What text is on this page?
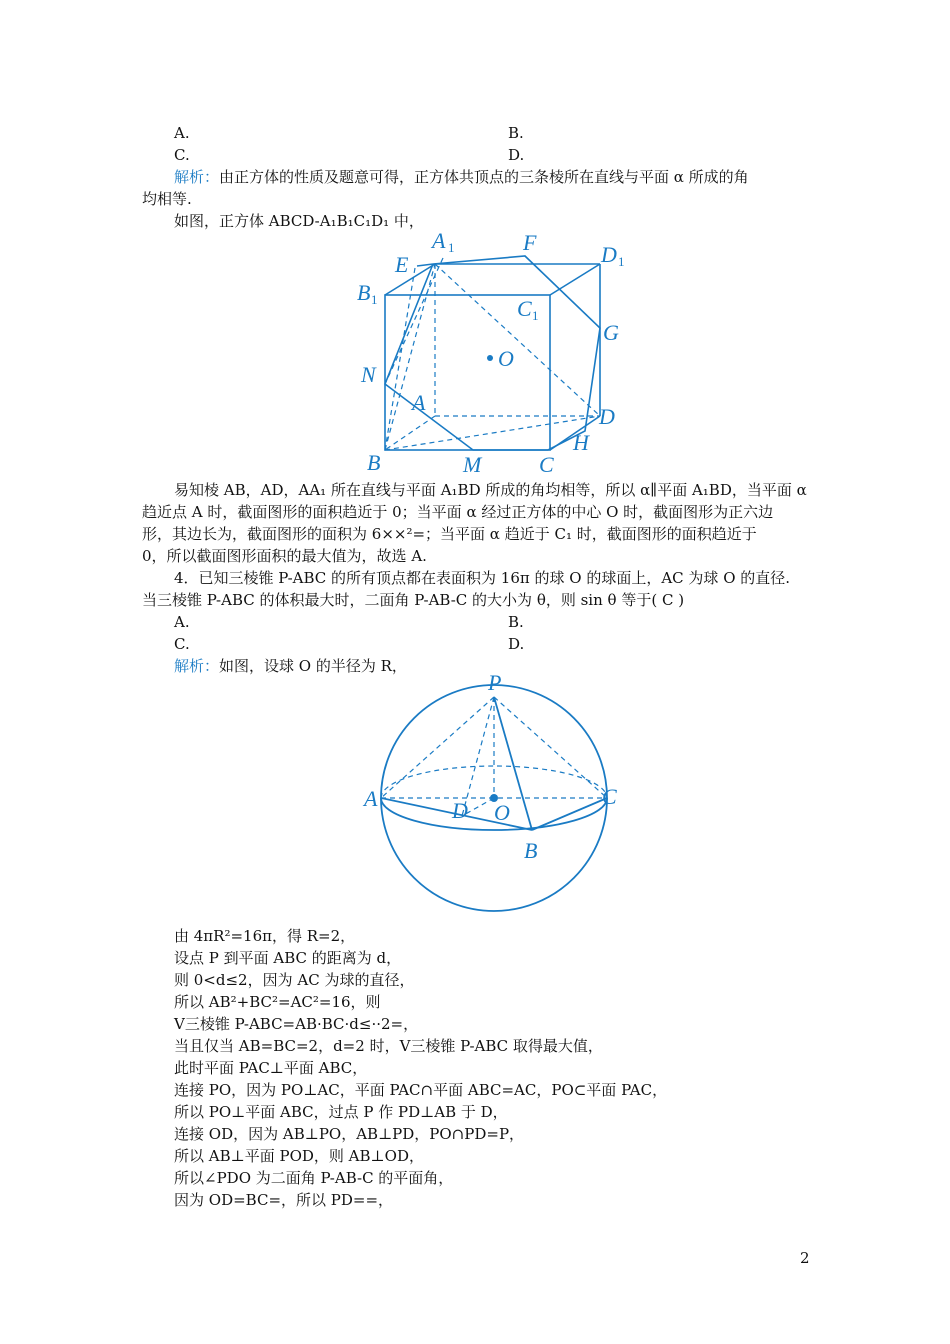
A.	B.
C.	D.
解析：由正方体的性质及题意可得，正方体共顶点的三条棱所在直线与平面 α 所成的角
均相等.
如图，正方体 ABCD-A₁B₁C₁D₁ 中，
A 1	F	D 1
E
B 1	C 1
G
O
N
A
D
H
B	M	C
易知棱 AB，AD，AA₁ 所在直线与平面 A₁BD 所成的角均相等，所以 α∥平面 A₁BD，当平面 α
趋近点 A 时，截面图形的面积趋近于 0；当平面 α 经过正方体的中心 O 时，截面图形为正六边
形，其边长为，截面图形的面积为 6××²=；当平面 α 趋近于 C₁ 时，截面图形的面积趋近于
0，所以截面图形面积的最大值为，故选 A.
4．已知三棱锥 P-ABC 的所有顶点都在表面积为 16π 的球 O 的球面上，AC 为球 O 的直径.
当三棱锥 P-ABC 的体积最大时，二面角 P-AB-C 的大小为 θ，则 sin θ 等于( C )
A.	B.
C.	D.
解析：如图，设球 O 的半径为 R，
P
A	C
D O
B
由 4πR²=16π，得 R=2，
设点 P 到平面 ABC 的距离为 d，
则 0<d≤2，因为 AC 为球的直径，
所以 AB²+BC²=AC²=16，则
V三棱锥 P-ABC=AB·BC·d≤··2=，
当且仅当 AB=BC=2，d=2 时，V三棱锥 P-ABC 取得最大值，
此时平面 PAC⊥平面 ABC，
连接 PO，因为 PO⊥AC，平面 PAC∩平面 ABC=AC，PO⊂平面 PAC，
所以 PO⊥平面 ABC，过点 P 作 PD⊥AB 于 D，
连接 OD，因为 AB⊥PO，AB⊥PD，PO∩PD=P，
所以 AB⊥平面 POD，则 AB⊥OD，
所以∠PDO 为二面角 P-AB-C 的平面角，
因为 OD=BC=，所以 PD==，
2
